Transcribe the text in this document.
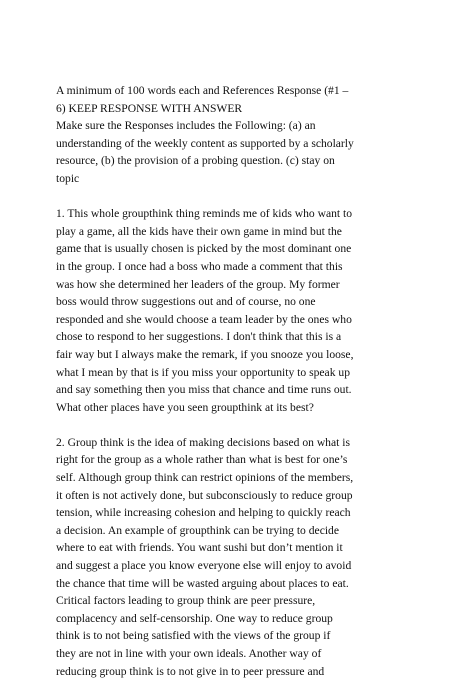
A minimum of 100 words each and References Response (#1 –
6) KEEP RESPONSE WITH ANSWER
Make sure the Responses includes the Following: (a) an
understanding of the weekly content as supported by a scholarly
resource, (b) the provision of a probing question. (c) stay on
topic
1. This whole groupthink thing reminds me of kids who want to
play a game, all the kids have their own game in mind but the
game that is usually chosen is picked by the most dominant one
in the group. I once had a boss who made a comment that this
was how she determined her leaders of the group. My former
boss would throw suggestions out and of course, no one
responded and she would choose a team leader by the ones who
chose to respond to her suggestions. I don't think that this is a
fair way but I always make the remark, if you snooze you loose,
what I mean by that is if you miss your opportunity to speak up
and say something then you miss that chance and time runs out.
What other places have you seen groupthink at its best?
2. Group think is the idea of making decisions based on what is
right for the group as a whole rather than what is best for one’s
self. Although group think can restrict opinions of the members,
it often is not actively done, but subconsciously to reduce group
tension, while increasing cohesion and helping to quickly reach
a decision. An example of groupthink can be trying to decide
where to eat with friends. You want sushi but don’t mention it
and suggest a place you know everyone else will enjoy to avoid
the chance that time will be wasted arguing about places to eat.
Critical factors leading to group think are peer pressure,
complacency and self-censorship. One way to reduce group
think is to not being satisfied with the views of the group if
they are not in line with your own ideals. Another way of
reducing group think is to not give in to peer pressure and
